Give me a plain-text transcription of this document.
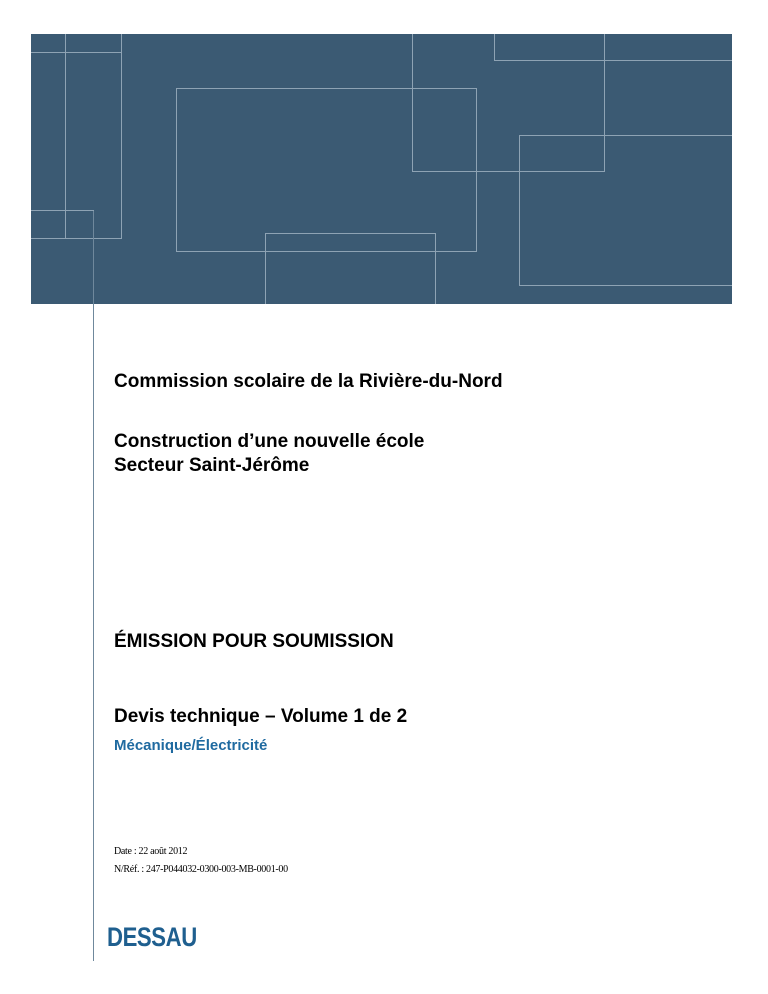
Commission scolaire de la Rivière-du-Nord
Construction d’une nouvelle école
Secteur Saint-Jérôme
ÉMISSION POUR SOUMISSION
Devis technique – Volume 1 de 2
Mécanique/Électricité
Date : 22 août 2012
N/Réf. : 247-P044032-0300-003-MB-0001-00
DESSAU
